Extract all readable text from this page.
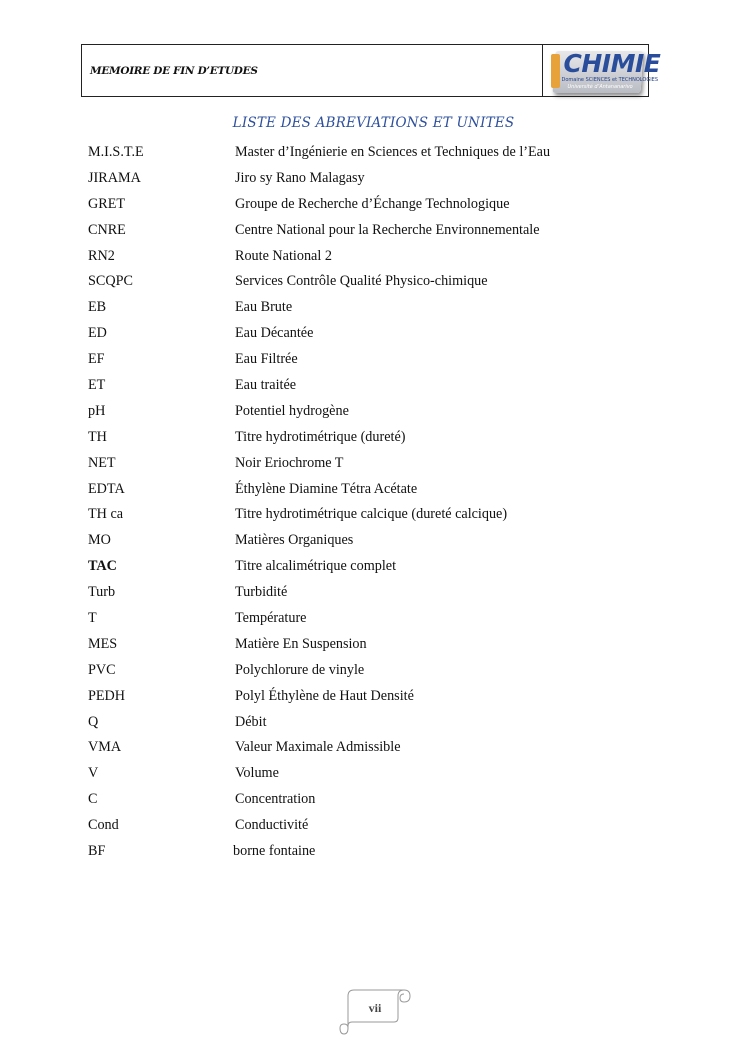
MEMOIRE DE FIN D’ETUDES	CHIMIE
Domaine SCIENCES et TECHNOLOGIES
Université d’Antananarivo
LISTE DES ABREVIATIONS ET UNITES
M.I.S.T.E	Master d’Ingénierie en Sciences et Techniques de l’Eau
JIRAMA	Jiro sy Rano Malagasy
GRET	Groupe de Recherche d’Échange Technologique
CNRE	Centre National pour la Recherche Environnementale
RN2	Route National 2
SCQPC	Services Contrôle Qualité Physico-chimique
EB	Eau Brute
ED	Eau Décantée
EF	Eau Filtrée
ET	Eau traitée
pH	Potentiel hydrogène
TH	Titre hydrotimétrique (dureté)
NET	Noir Eriochrome T
EDTA	Éthylène Diamine Tétra Acétate
TH ca	Titre hydrotimétrique calcique (dureté calcique)
MO	Matières Organiques
TAC	Titre alcalimétrique complet
Turb	Turbidité
T	Température
MES	Matière En Suspension
PVC	Polychlorure de vinyle
PEDH	Polyl Éthylène de Haut Densité
Q	Débit
VMA	Valeur Maximale Admissible
V	Volume
C	Concentration
Cond	Conductivité
BF	borne fontaine
vii
